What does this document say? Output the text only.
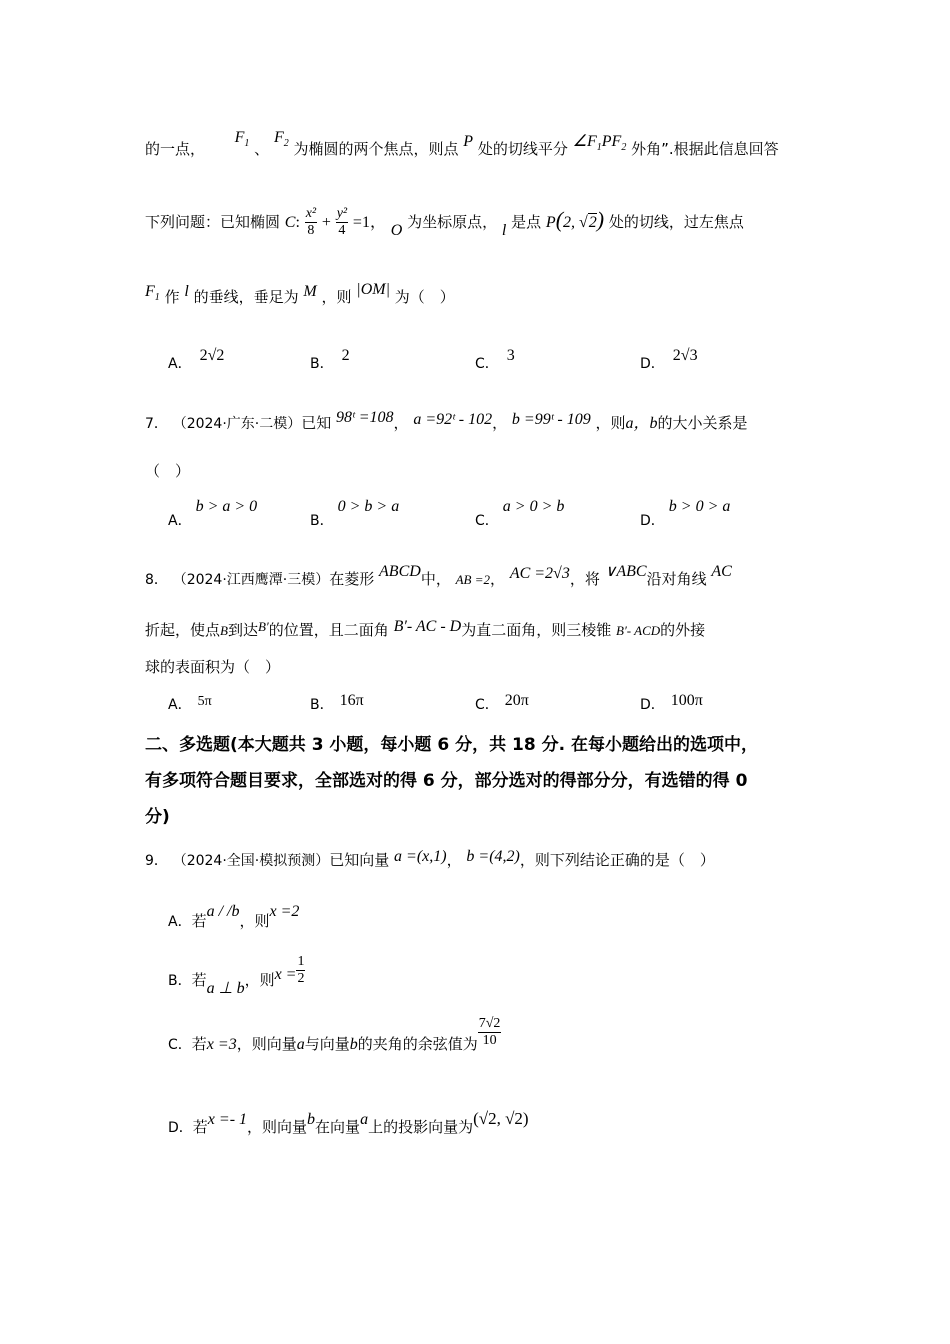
的一点，  $F_1$ 、 $F_2$ 为椭圆的两个焦点，则点 P 处的切线平分 $\angle F_1PF_2$ 外角”.根据此信息回答
下列问题：已知椭圆 C: $\frac{\text{x²}}{8} + \frac{\text{y²}}{4} =1$， O 为坐标原点， l 是点 P(2, √2) 处的切线，过左焦点
$F_1$ 作 l 的垂线，垂足为 M ，则 |OM| 为（　）
A． 2√2	B． 2	C． 3	D． 2√3
7． （2024·广东·二模）已知 98ᵗ =108， a =92ᵗ - 102， b =99ᵗ - 109 ，则a，b的大小关系是
（　）
A．b > a > 0
B．0 > b > a
C．a > 0 > b
D．b > 0 > a
8． （2024·江西鹰潭·三模）在菱形 ABCD中， AB =2， AC =2√3，将 ∨ABC沿对角线 AC
折起，使点B到达B′的位置，且二面角 B′- AC - D为直二面角，则三棱锥 B′- ACD的外接
球的表面积为（　）
A． 5π	B． 16π	C． 20π	D． 100π
二、多选题(本大题共 3 小题，每小题 6 分，共 18 分. 在每小题给出的选项中，
有多项符合题目要求，全部选对的得 6 分，部分选对的得部分分，有选错的得 0
分)
9． （2024·全国·模拟预测）已知向量 a =(x,1)， b =(4,2)，则下列结论正确的是（　）
A．若a / /b，则x =2
B．若a ⊥ b，则$x = \frac{1}{2}$
C．若x =3，则向量a与向量b的夹角的余弦值为 $\frac{7√2}{10}$
D．若x =- 1，则向量b在向量a上的投影向量为(√2, √2)
